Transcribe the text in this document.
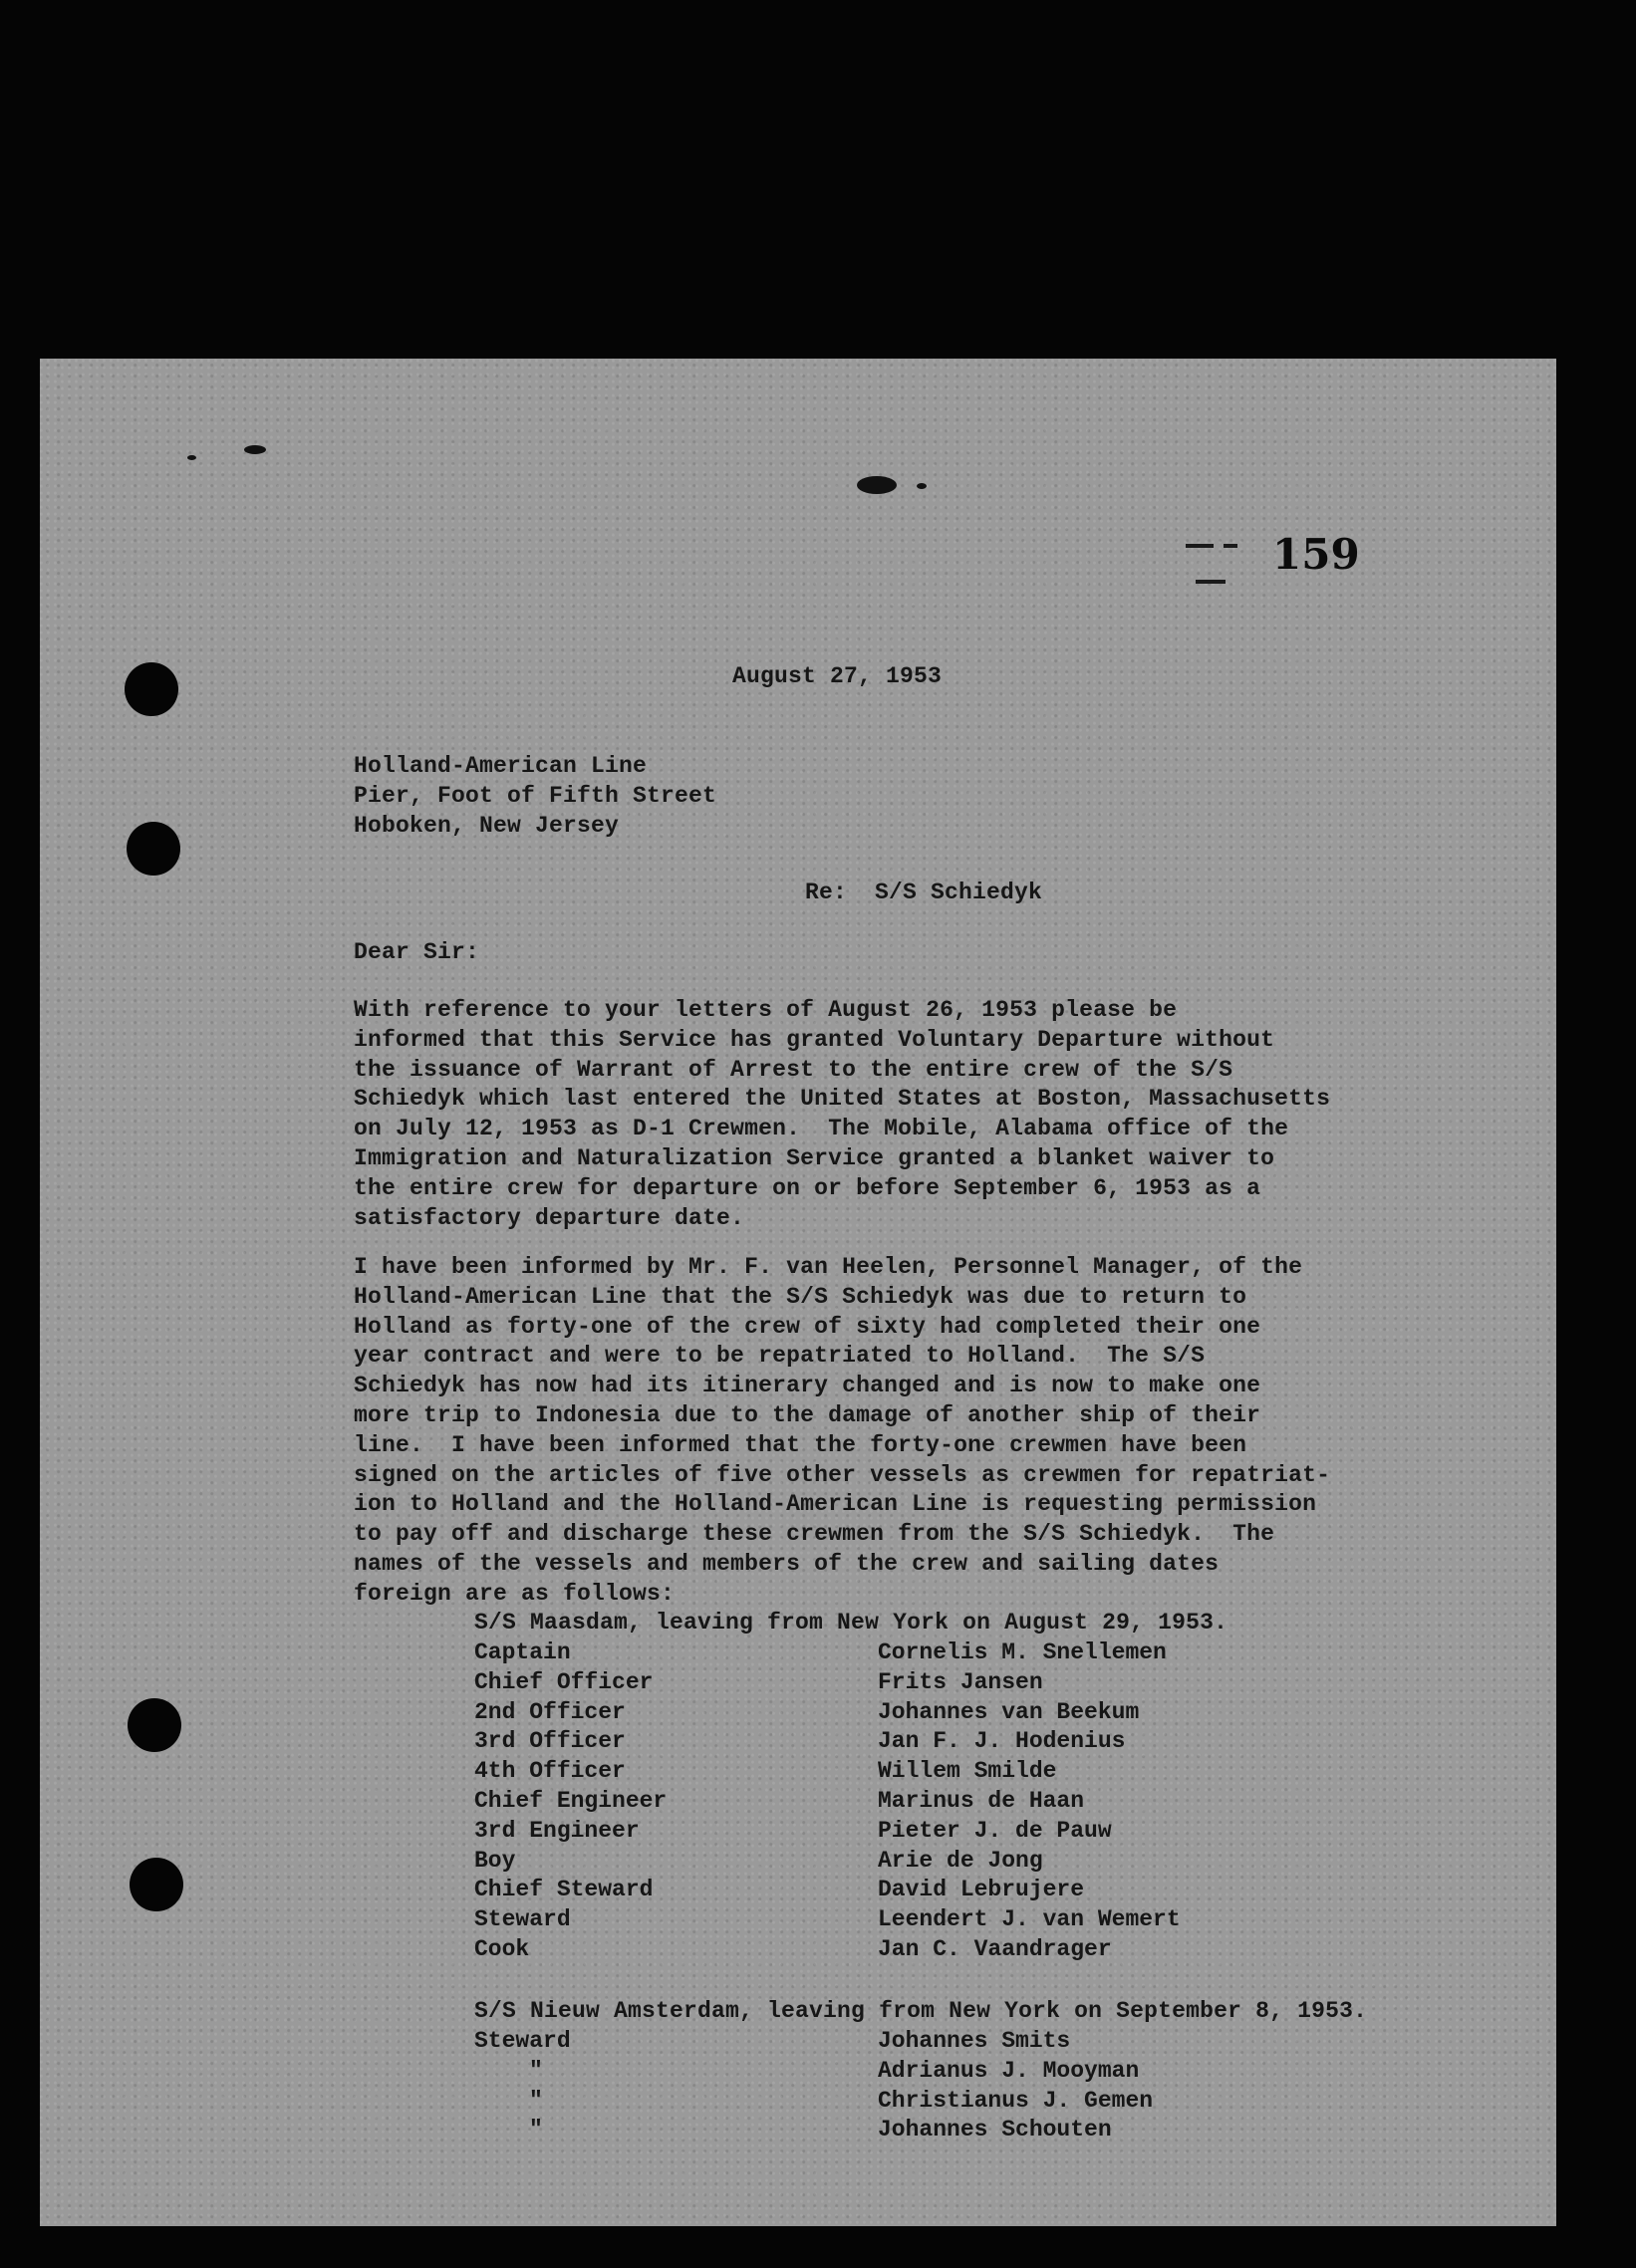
159

August 27, 1953

Holland-American Line

Pier, Foot of Fifth Street

Hoboken, New Jersey

Re:  S/S Schiedyk

Dear Sir:

With reference to your letters of August 26, 1953 please be

informed that this Service has granted Voluntary Departure without

the issuance of Warrant of Arrest to the entire crew of the S/S

Schiedyk which last entered the United States at Boston, Massachusetts

on July 12, 1953 as D-1 Crewmen.  The Mobile, Alabama office of the

Immigration and Naturalization Service granted a blanket waiver to

the entire crew for departure on or before September 6, 1953 as a

satisfactory departure date.

I have been informed by Mr. F. van Heelen, Personnel Manager, of the

Holland-American Line that the S/S Schiedyk was due to return to

Holland as forty-one of the crew of sixty had completed their one

year contract and were to be repatriated to Holland.  The S/S

Schiedyk has now had its itinerary changed and is now to make one

more trip to Indonesia due to the damage of another ship of their

line.  I have been informed that the forty-one crewmen have been

signed on the articles of five other vessels as crewmen for repatriat-

ion to Holland and the Holland-American Line is requesting permission

to pay off and discharge these crewmen from the S/S Schiedyk.  The

names of the vessels and members of the crew and sailing dates

foreign are as follows:

S/S Maasdam, leaving from New York on August 29, 1953.

Captain	Cornelis M. Snellemen

Chief Officer	Frits Jansen

2nd Officer	Johannes van Beekum

3rd Officer	Jan F. J. Hodenius

4th Officer	Willem Smilde

Chief Engineer	Marinus de Haan

3rd Engineer	Pieter J. de Pauw

Boy	Arie de Jong

Chief Steward	David Lebrujere

Steward	Leendert J. van Wemert

Cook	Jan C. Vaandrager

S/S Nieuw Amsterdam, leaving from New York on September 8, 1953.

Steward	Johannes Smits

"	Adrianus J. Mooyman

"	Christianus J. Gemen

"	Johannes Schouten
